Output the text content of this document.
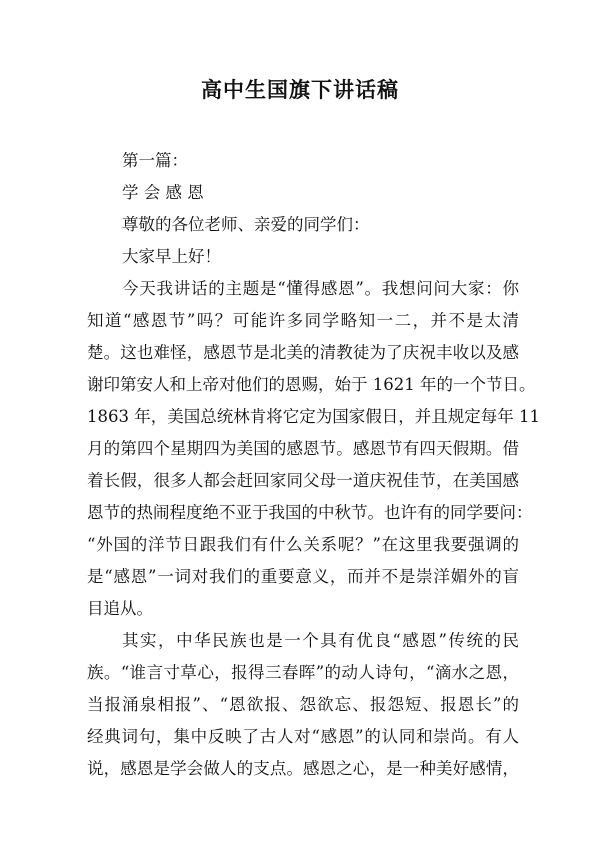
高中生国旗下讲话稿
第一篇：
学 会 感 恩
尊敬的各位老师、亲爱的同学们：
大家早上好！
今天我讲话的主题是“懂得感恩”。我想问问大家：你
知道“感恩节”吗？可能许多同学略知一二，并不是太清
楚。这也难怪，感恩节是北美的清教徒为了庆祝丰收以及感
谢印第安人和上帝对他们的恩赐，始于 1621 年的一个节日。
1863 年，美国总统林肯将它定为国家假日，并且规定每年 11
月的第四个星期四为美国的感恩节。感恩节有四天假期。借
着长假，很多人都会赶回家同父母一道庆祝佳节，在美国感
恩节的热闹程度绝不亚于我国的中秋节。也许有的同学要问：
“外国的洋节日跟我们有什么关系呢？”在这里我要强调的
是“感恩”一词对我们的重要意义，而并不是崇洋媚外的盲
目追从。
其实，中华民族也是一个具有优良“感恩”传统的民
族。“谁言寸草心，报得三春晖”的动人诗句，“滴水之恩，
当报涌泉相报”、“恩欲报、怨欲忘、报怨短、报恩长”的
经典词句，集中反映了古人对“感恩”的认同和崇尚。有人
说，感恩是学会做人的支点。感恩之心，是一种美好感情，
